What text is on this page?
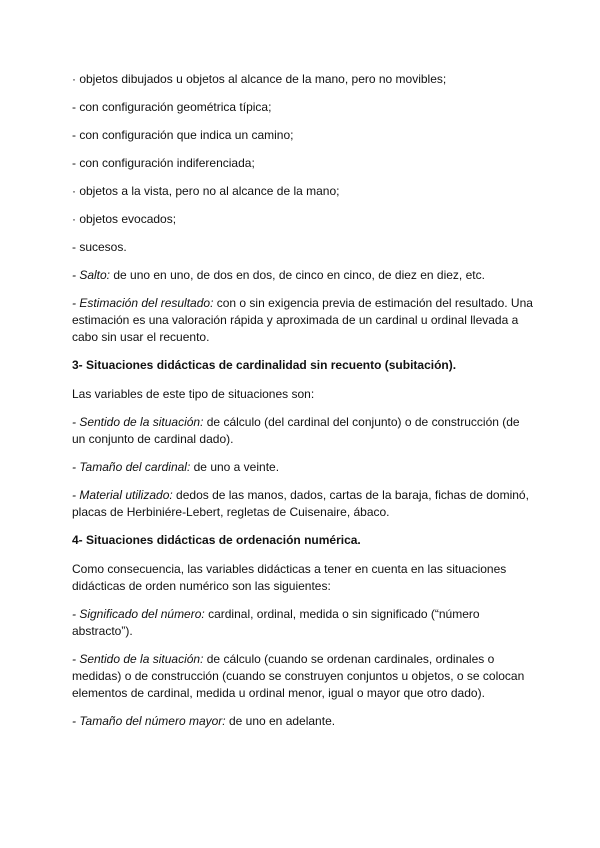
· objetos dibujados u objetos al alcance de la mano, pero no movibles;

- con configuración geométrica típica;

- con configuración que indica un camino;

- con configuración indiferenciada;

· objetos a la vista, pero no al alcance de la mano;

· objetos evocados;

- sucesos.

- Salto: de uno en uno, de dos en dos, de cinco en cinco, de diez en diez, etc.

- Estimación del resultado: con o sin exigencia previa de estimación del resultado. Una estimación es una valoración rápida y aproximada de un cardinal u ordinal llevada a cabo sin usar el recuento.

3- Situaciones didácticas de cardinalidad sin recuento (subitación).

Las variables de este tipo de situaciones son:

- Sentido de la situación: de cálculo (del cardinal del conjunto) o de construcción (de un conjunto de cardinal dado).

- Tamaño del cardinal: de uno a veinte.

- Material utilizado: dedos de las manos, dados, cartas de la baraja, fichas de dominó, placas de Herbiniére-Lebert, regletas de Cuisenaire, ábaco.

4- Situaciones didácticas de ordenación numérica.

Como consecuencia, las variables didácticas a tener en cuenta en las situaciones didácticas de orden numérico son las siguientes:

- Significado del número: cardinal, ordinal, medida o sin significado (“número abstracto”).

- Sentido de la situación: de cálculo (cuando se ordenan cardinales, ordinales o medidas) o de construcción (cuando se construyen conjuntos u objetos, o se colocan elementos de cardinal, medida u ordinal menor, igual o mayor que otro dado).

- Tamaño del número mayor: de uno en adelante.
